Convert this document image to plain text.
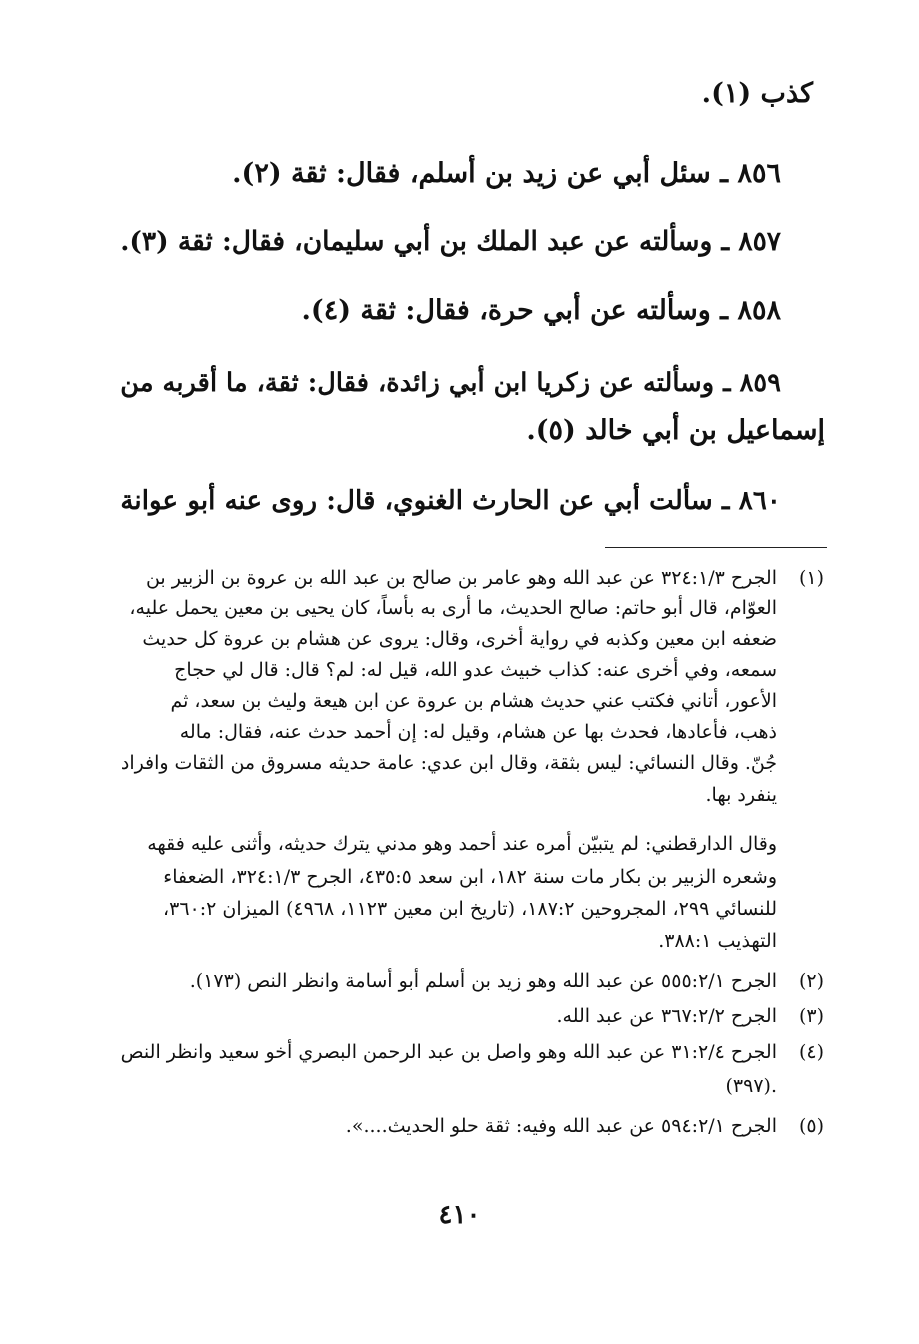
كذب (١).
٨٥٦ ـ سئل أبي عن زيد بن أسلم، فقال: ثقة (٢).
٨٥٧ ـ وسألته عن عبد الملك بن أبي سليمان، فقال: ثقة (٣).
٨٥٨ ـ وسألته عن أبي حرة، فقال: ثقة (٤).
٨٥٩ ـ وسألته عن زكريا ابن أبي زائدة، فقال: ثقة، ما أقربه من
إسماعيل بن أبي خالد (٥).
٨٦٠ ـ سألت أبي عن الحارث الغنوي، قال: روى عنه أبو عوانة
(١)
الجرح ٣٢٤:١/٣ عن عبد الله وهو عامر بن صالح بن عبد الله بن عروة بن الزبير بن
العوّام، قال أبو حاتم: صالح الحديث، ما أرى به بأساً، كان يحيى بن معين يحمل عليه،
ضعفه ابن معين وكذبه في رواية أخرى، وقال: يروى عن هشام بن عروة كل حديث
سمعه، وفي أخرى عنه: كذاب خبيث عدو الله، قيل له: لم؟ قال: قال لي حجاج
الأعور، أتاني فكتب عني حديث هشام بن عروة عن ابن هيعة وليث بن سعد، ثم
ذهب، فأعادها، فحدث بها عن هشام، وقيل له: إن أحمد حدث عنه، فقال: ماله
جُنّ. وقال النسائي: ليس بثقة، وقال ابن عدي: عامة حديثه مسروق من الثقات وافراد
ينفرد بها.
وقال الدارقطني: لم يتبيّن أمره عند أحمد وهو مدني يترك حديثه، وأثنى عليه فقهه
وشعره الزبير بن بكار مات سنة ١٨٢، ابن سعد ٤٣٥:٥، الجرح ٣٢٤:١/٣، الضعفاء
للنسائي ٢٩٩، المجروحين ١٨٧:٢، (تاريخ ابن معين ١١٢٣، ٤٩٦٨) الميزان ٣٦٠:٢،
التهذيب ٣٨٨:١.
(٢)
الجرح ٥٥٥:٢/١ عن عبد الله وهو زيد بن أسلم أبو أسامة وانظر النص (١٧٣).
(٣)
الجرح ٣٦٧:٢/٢ عن عبد الله.
(٤)
الجرح ٣١:٢/٤ عن عبد الله وهو واصل بن عبد الرحمن البصري أخو سعيد وانظر النص
(٣٩٧).
(٥)
الجرح ٥٩٤:٢/١ عن عبد الله وفيه: ثقة حلو الحديث....».
٤١٠
